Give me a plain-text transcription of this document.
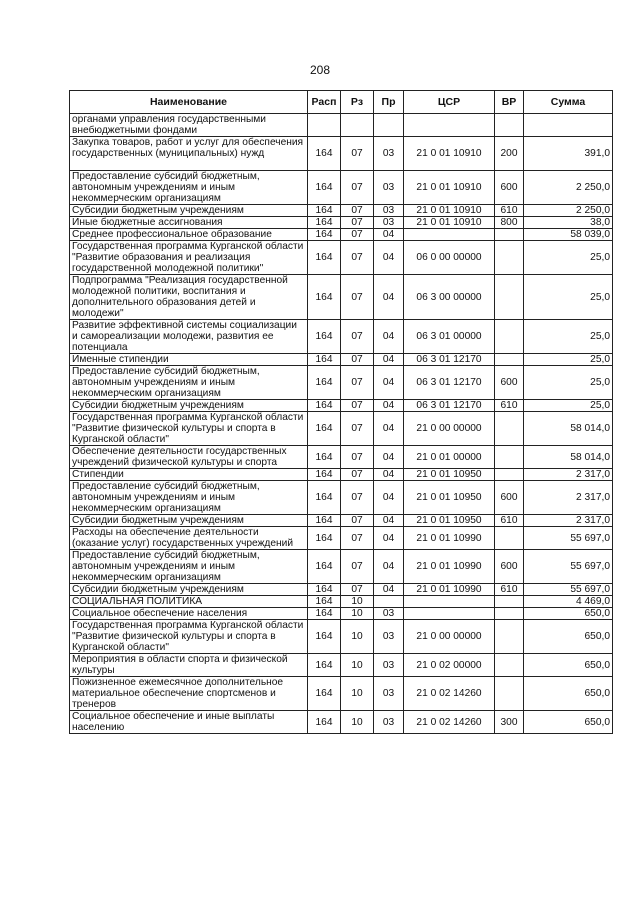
208
Наименование	Расп	Рз	Пр	ЦСР	ВР	Сумма
органами управления государственными внебюджетными фондами						
Закупка товаров, работ и услуг для обеспечения государственных (муниципальных) нужд	164	07	03	21 0 01 10910	200	391,0
Предоставление субсидий бюджетным, автономным учреждениям и иным некоммерческим организациям	164	07	03	21 0 01 10910	600	2 250,0
Субсидии бюджетным учреждениям	164	07	03	21 0 01 10910	610	2 250,0
Иные бюджетные ассигнования	164	07	03	21 0 01 10910	800	38,0
Среднее профессиональное образование	164	07	04			58 039,0
Государственная программа Курганской области "Развитие образования и реализация государственной молодежной политики"	164	07	04	06 0 00 00000		25,0
Подпрограмма "Реализация государственной молодежной политики, воспитания и дополнительного образования детей и молодежи"	164	07	04	06 3 00 00000		25,0
Развитие эффективной системы социализации и самореализации молодежи, развития ее потенциала	164	07	04	06 3 01 00000		25,0
Именные стипендии	164	07	04	06 3 01 12170		25,0
Предоставление субсидий бюджетным, автономным учреждениям и иным некоммерческим организациям	164	07	04	06 3 01 12170	600	25,0
Субсидии бюджетным учреждениям	164	07	04	06 3 01 12170	610	25,0
Государственная программа Курганской области "Развитие физической культуры и спорта в Курганской области"	164	07	04	21 0 00 00000		58 014,0
Обеспечение деятельности государственных учреждений физической культуры и спорта	164	07	04	21 0 01 00000		58 014,0
Стипендии	164	07	04	21 0 01 10950		2 317,0
Предоставление субсидий бюджетным, автономным учреждениям и иным некоммерческим организациям	164	07	04	21 0 01 10950	600	2 317,0
Субсидии бюджетным учреждениям	164	07	04	21 0 01 10950	610	2 317,0
Расходы на обеспечение деятельности (оказание услуг) государственных учреждений	164	07	04	21 0 01 10990		55 697,0
Предоставление субсидий бюджетным, автономным учреждениям и иным некоммерческим организациям	164	07	04	21 0 01 10990	600	55 697,0
Субсидии бюджетным учреждениям	164	07	04	21 0 01 10990	610	55 697,0
СОЦИАЛЬНАЯ ПОЛИТИКА	164	10				4 469,0
Социальное обеспечение населения	164	10	03			650,0
Государственная программа Курганской области "Развитие физической культуры и спорта в Курганской области"	164	10	03	21 0 00 00000		650,0
Мероприятия в области спорта и физической культуры	164	10	03	21 0 02 00000		650,0
Пожизненное ежемесячное дополнительное материальное обеспечение спортсменов и тренеров	164	10	03	21 0 02 14260		650,0
Социальное обеспечение и иные выплаты населению	164	10	03	21 0 02 14260	300	650,0
